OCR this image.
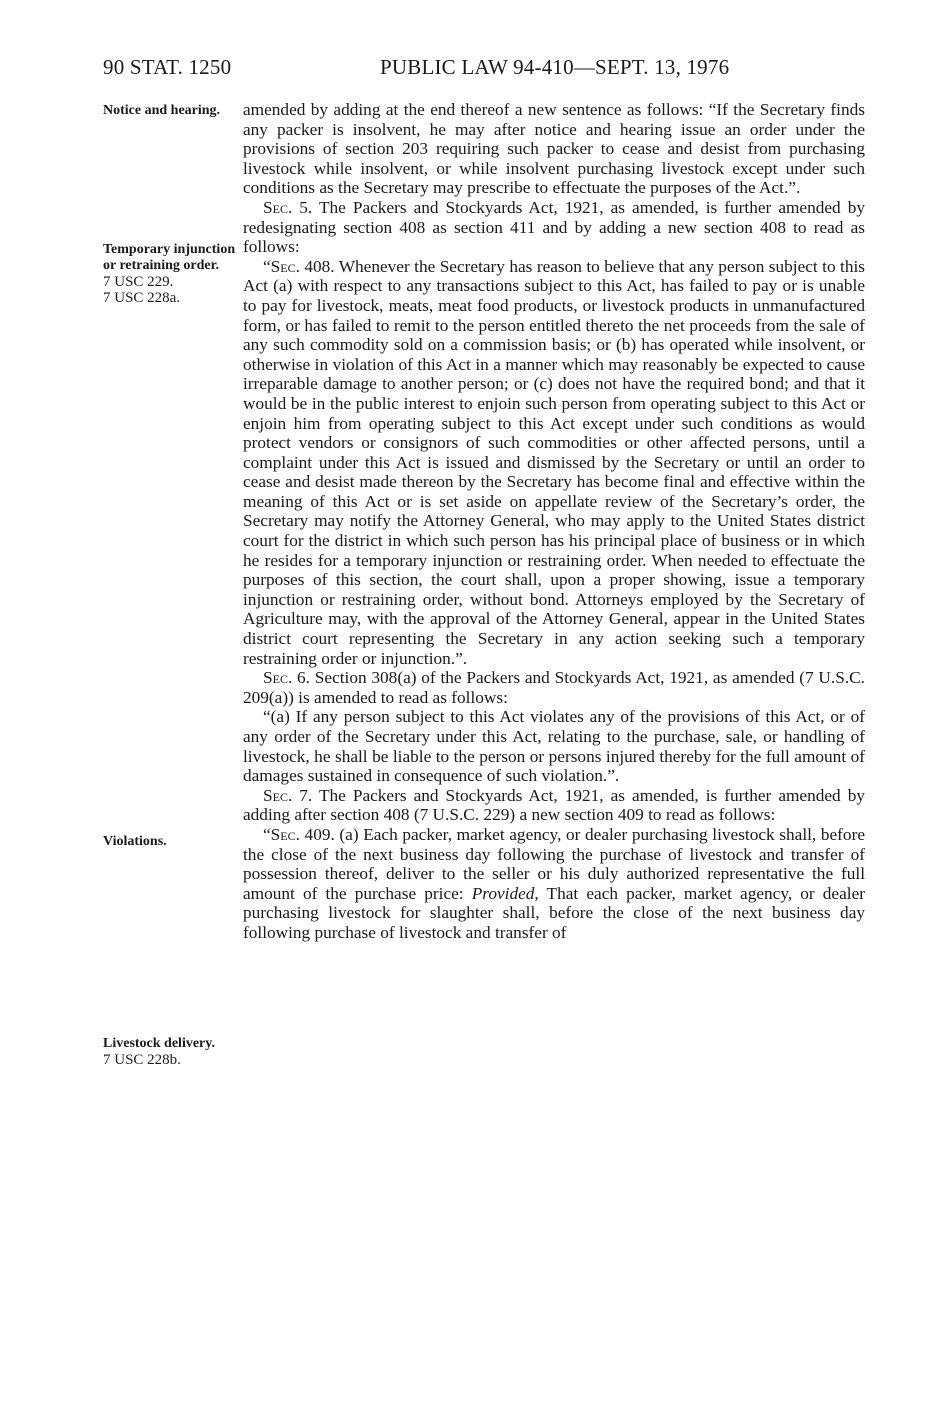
90 STAT. 1250	PUBLIC LAW 94-410—SEPT. 13, 1976
Notice and hearing.
Temporary injunction or retraining order.
7 USC 229.
7 USC 228a.
Violations.
Livestock delivery.
7 USC 228b.

amended by adding at the end thereof a new sentence as follows: “If the Secretary finds any packer is insolvent, he may after notice and hearing issue an order under the provisions of section 203 requiring such packer to cease and desist from purchasing livestock while insolvent, or while insolvent purchasing livestock except under such conditions as the Secretary may prescribe to effectuate the purposes of the Act.”.

Sec. 5. The Packers and Stockyards Act, 1921, as amended, is further amended by redesignating section 408 as section 411 and by adding a new section 408 to read as follows:

“Sec. 408. Whenever the Secretary has reason to believe that any person subject to this Act (a) with respect to any transactions subject to this Act, has failed to pay or is unable to pay for livestock, meats, meat food products, or livestock products in unmanufactured form, or has failed to remit to the person entitled thereto the net proceeds from the sale of any such commodity sold on a commission basis; or (b) has operated while insolvent, or otherwise in violation of this Act in a manner which may reasonably be expected to cause irreparable damage to another person; or (c) does not have the required bond; and that it would be in the public interest to enjoin such person from operating subject to this Act or enjoin him from operating subject to this Act except under such conditions as would protect vendors or consignors of such commodities or other affected persons, until a complaint under this Act is issued and dismissed by the Secretary or until an order to cease and desist made thereon by the Secretary has become final and effective within the meaning of this Act or is set aside on appellate review of the Secretary’s order, the Secretary may notify the Attorney General, who may apply to the United States district court for the district in which such person has his principal place of business or in which he resides for a temporary injunction or restraining order. When needed to effectuate the purposes of this section, the court shall, upon a proper showing, issue a temporary injunction or restraining order, without bond. Attorneys employed by the Secretary of Agriculture may, with the approval of the Attorney General, appear in the United States district court representing the Secretary in any action seeking such a temporary restraining order or injunction.”.

Sec. 6. Section 308(a) of the Packers and Stockyards Act, 1921, as amended (7 U.S.C. 209(a)) is amended to read as follows:

“(a) If any person subject to this Act violates any of the provisions of this Act, or of any order of the Secretary under this Act, relating to the purchase, sale, or handling of livestock, he shall be liable to the person or persons injured thereby for the full amount of damages sustained in consequence of such violation.”.

Sec. 7. The Packers and Stockyards Act, 1921, as amended, is further amended by adding after section 408 (7 U.S.C. 229) a new section 409 to read as follows:

“Sec. 409. (a) Each packer, market agency, or dealer purchasing livestock shall, before the close of the next business day following the purchase of livestock and transfer of possession thereof, deliver to the seller or his duly authorized representative the full amount of the purchase price: Provided, That each packer, market agency, or dealer purchasing livestock for slaughter shall, before the close of the next business day following purchase of livestock and transfer of
